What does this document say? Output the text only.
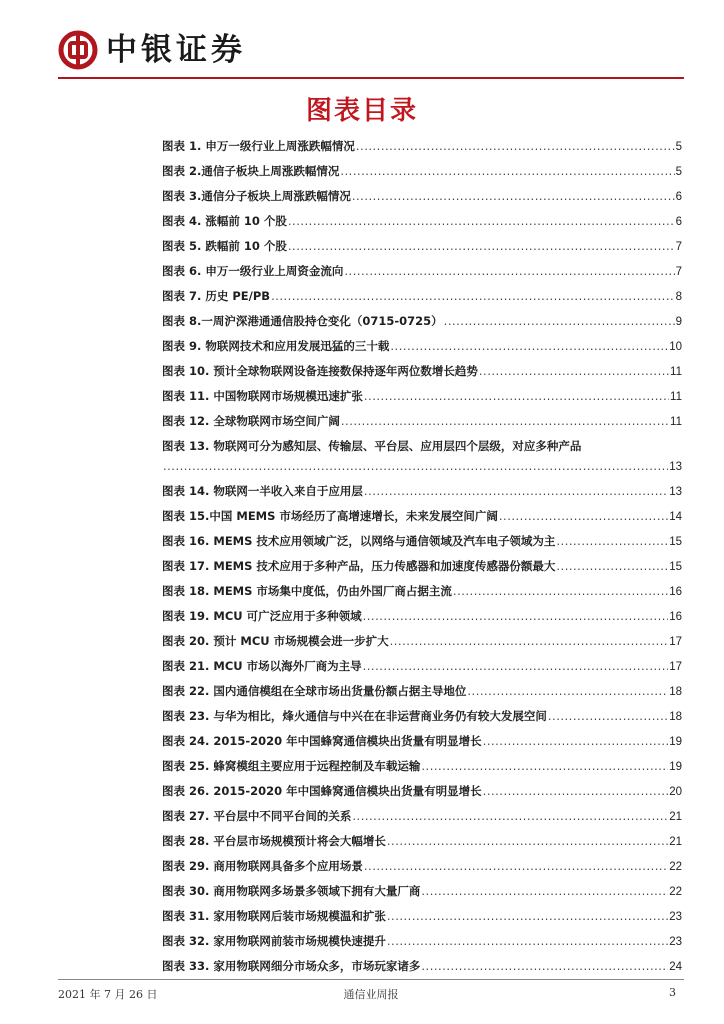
中银证券
图表目录
图表 1. 申万一级行业上周涨跌幅情况 .....	5
图表 2.通信子板块上周涨跌幅情况 .....	5
图表 3.通信分子板块上周涨跌幅情况 .....	6
图表 4. 涨幅前 10 个股 .....	6
图表 5. 跌幅前 10 个股 .....	7
图表 6. 申万一级行业上周资金流向 .....	7
图表 7. 历史 PE/PB .....	8
图表 8.一周沪深港通通信股持仓变化（0715-0725） .....	9
图表 9. 物联网技术和应用发展迅猛的三十载 .....	10
图表 10. 预计全球物联网设备连接数保持逐年两位数增长趋势 .....	11
图表 11. 中国物联网市场规模迅速扩张 .....	11
图表 12. 全球物联网市场空间广阔 .....	11
图表 13. 物联网可分为感知层、传输层、平台层、应用层四个层级，对应多种产品
.....
13
图表 14. 物联网一半收入来自于应用层 .....	13
图表 15.中国 MEMS 市场经历了高增速增长，未来发展空间广阔 .....	14
图表 16. MEMS 技术应用领域广泛，以网络与通信领域及汽车电子领域为主 .....	15
图表 17. MEMS 技术应用于多种产品，压力传感器和加速度传感器份额最大 .....	15
图表 18. MEMS 市场集中度低，仍由外国厂商占据主流 .....	16
图表 19. MCU 可广泛应用于多种领域 .....	16
图表 20. 预计 MCU 市场规模会进一步扩大 .....	17
图表 21. MCU 市场以海外厂商为主导 .....	17
图表 22. 国内通信模组在全球市场出货量份额占据主导地位 .....	18
图表 23. 与华为相比，烽火通信与中兴在在非运营商业务仍有较大发展空间 .....	18
图表 24. 2015-2020 年中国蜂窝通信模块出货量有明显增长 .....	19
图表 25. 蜂窝模组主要应用于远程控制及车载运输 .....	19
图表 26. 2015-2020 年中国蜂窝通信模块出货量有明显增长 .....	20
图表 27. 平台层中不同平台间的关系 .....	21
图表 28. 平台层市场规模预计将会大幅增长 .....	21
图表 29. 商用物联网具备多个应用场景 .....	22
图表 30. 商用物联网多场景多领域下拥有大量厂商 .....	22
图表 31. 家用物联网后装市场规模温和扩张 .....	23
图表 32. 家用物联网前装市场规模快速提升 .....	23
图表 33. 家用物联网细分市场众多，市场玩家诸多 .....	24
2021 年 7 月 26 日	通信业周报	3
